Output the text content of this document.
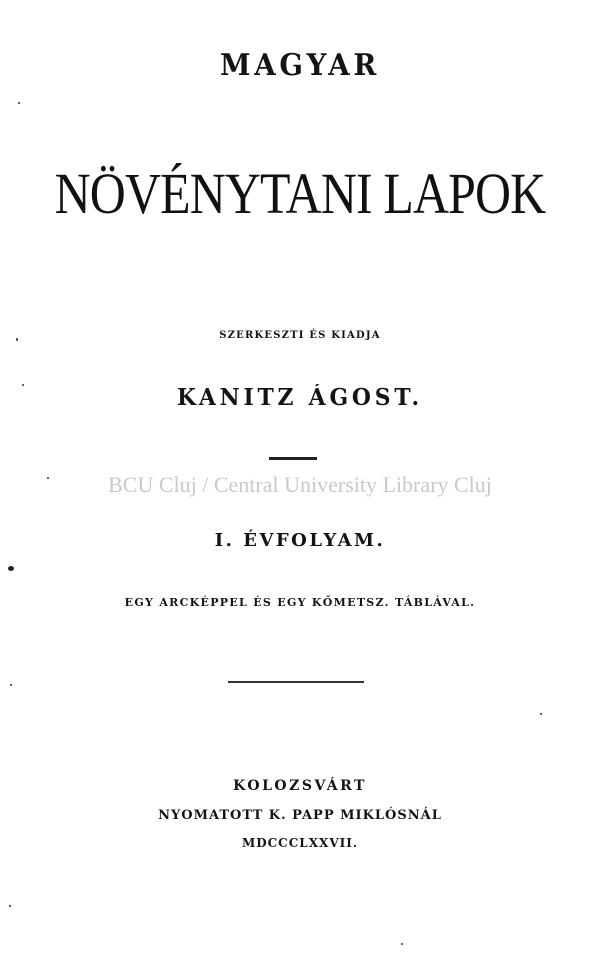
MAGYAR
NÖVÉNYTANI LAPOK
SZERKESZTI ÉS KIADJA
KANITZ ÁGOST.
BCU Cluj / Central University Library Cluj
I. ÉVFOLYAM.
EGY ARCKÉPPEL ÉS EGY KŐMETSZ. TÁBLÁVAL.
KOLOZSVÁRT
NYOMATOTT K. PAPP MIKLÓSNÁL
MDCCCLXXVII.
